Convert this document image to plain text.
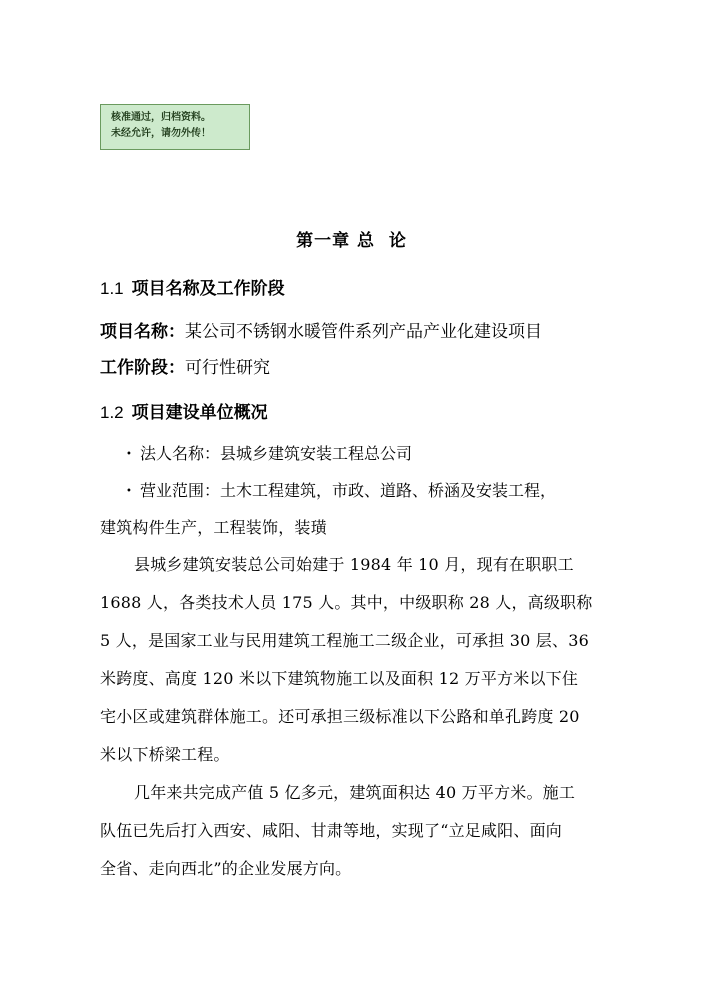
核准通过，归档资料。
未经允许，请勿外传！
第一章 总  论
1.1 项目名称及工作阶段
项目名称：某公司不锈钢水暖管件系列产品产业化建设项目
工作阶段：可行性研究
1.2 项目建设单位概况
• 法人名称：县城乡建筑安装工程总公司
• 营业范围：土木工程建筑，市政、道路、桥涵及安装工程，
建筑构件生产，工程装饰，装璜
县城乡建筑安装总公司始建于 1984 年 10 月，现有在职职工
1688 人，各类技术人员 175 人。其中，中级职称 28 人，高级职称
5 人，是国家工业与民用建筑工程施工二级企业，可承担 30 层、36
米跨度、高度 120 米以下建筑物施工以及面积 12 万平方米以下住
宅小区或建筑群体施工。还可承担三级标准以下公路和单孔跨度 20
米以下桥梁工程。
几年来共完成产值 5 亿多元，建筑面积达 40 万平方米。施工
队伍已先后打入西安、咸阳、甘肃等地，实现了“立足咸阳、面向
全省、走向西北”的企业发展方向。
